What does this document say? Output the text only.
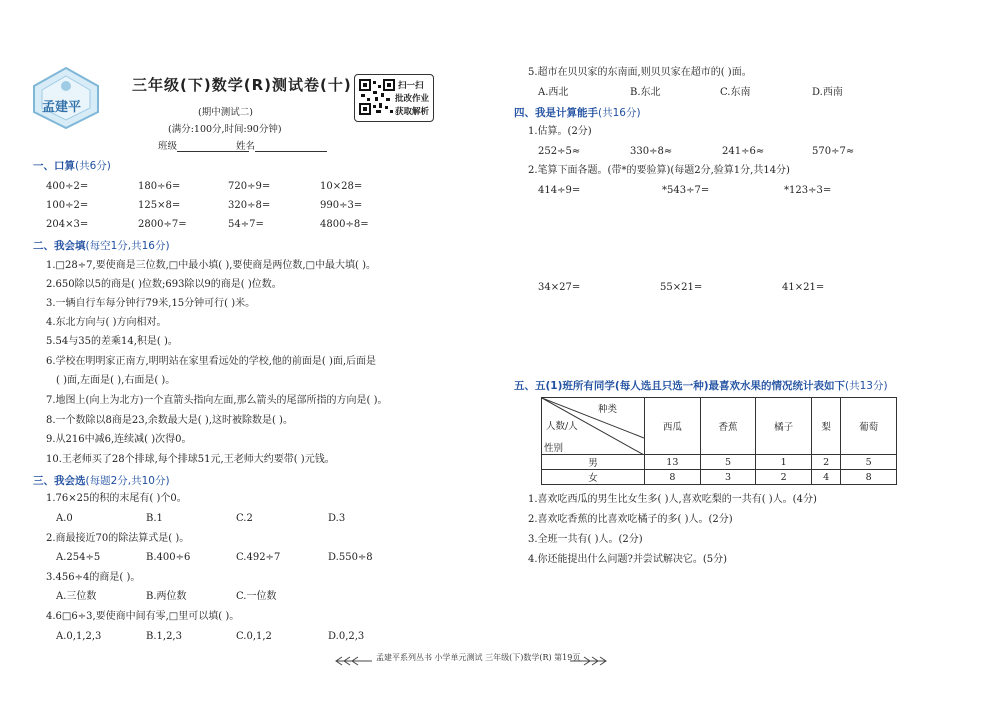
孟建平
三年级(下)数学(R)测试卷(十)
(期中测试二)
(满分:100分,时间:90分钟)
班级	姓名
扫一扫
批改作业
获取解析
一、口算(共6分)
400÷2=	180÷6=	720÷9=	10×28=
100÷2=	125×8=	320÷8=	990÷3=
204×3=	2800÷7=	54÷7=	4800÷8=
二、我会填(每空1分,共16分)
1.□28÷7,要使商是三位数,□中最小填( ),要使商是两位数,□中最大填( )。
2.650除以5的商是( )位数;693除以9的商是( )位数。
3.一辆自行车每分钟行79米,15分钟可行( )米。
4.东北方向与( )方向相对。
5.54与35的差乘14,积是( )。
6.学校在明明家正南方,明明站在家里看远处的学校,他的前面是( )面,后面是
( )面,左面是( ),右面是( )。
7.地图上(向上为北方)一个直箭头指向左面,那么箭头的尾部所指的方向是( )。
8.一个数除以8商是23,余数最大是( ),这时被除数是( )。
9.从216中减6,连续减( )次得0。
10.王老师买了28个排球,每个排球51元,王老师大约要带( )元钱。
三、我会选(每题2分,共10分)
1.76×25的积的末尾有( )个0。
A.0	B.1	C.2	D.3
2.商最接近70的除法算式是( )。
A.254÷5	B.400÷6	C.492÷7	D.550÷8
3.456÷4的商是( )。
A.三位数	B.两位数	C.一位数
4.6□6÷3,要使商中间有零,□里可以填( )。
A.0,1,2,3	B.1,2,3	C.0,1,2	D.0,2,3
5.超市在贝贝家的东南面,则贝贝家在超市的( )面。
A.西北	B.东北	C.东南	D.西南
四、我是计算能手(共16分)
1.估算。(2分)
252÷5≈	330÷8≈	241÷6≈	570÷7≈
2.笔算下面各题。(带*的要验算)(每题2分,验算1分,共14分)
414÷9=	*543÷7=	*123÷3=
34×27=	55×21=	41×21=
五、五(1)班所有同学(每人选且只选一种)最喜欢水果的情况统计表如下(共13分)
种类
人数/人
性别	西瓜	香蕉	橘子	梨	葡萄
男	13	5	1	2	5
女	8	3	2	4	8
1.喜欢吃西瓜的男生比女生多( )人,喜欢吃梨的一共有( )人。(4分)
2.喜欢吃香蕉的比喜欢吃橘子的多( )人。(2分)
3.全班一共有( )人。(2分)
4.你还能提出什么问题?并尝试解决它。(5分)
孟建平系列丛书 小学单元测试 三年级(下)数学(R) 第19页
